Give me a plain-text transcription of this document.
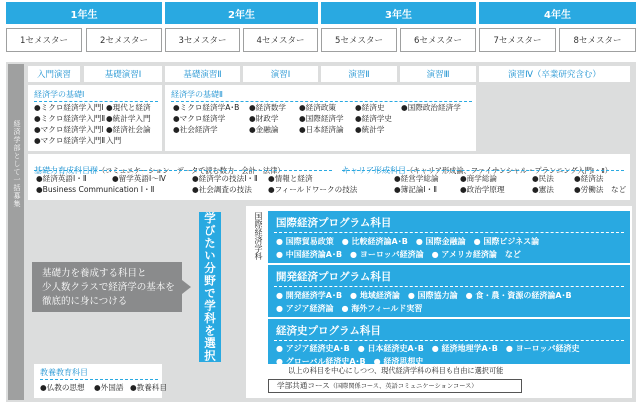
1年生	2年生	3年生	4年生
1セメスター	2セメスター	3セメスター	4セメスター	5セメスター	6セメスター	7セメスター	8セメスター
経済学部として一括募集
入門演習	基礎演習Ⅰ	基礎演習Ⅱ	演習Ⅰ	演習Ⅱ	演習Ⅲ	演習Ⅳ（卒業研究含む）
経済学の基礎Ⅰ
●ミクロ経済学入門Ⅰ
●ミクロ経済学入門Ⅱ
●マクロ経済学入門Ⅰ
●マクロ経済学入門Ⅱ
●現代と経済
●統計学入門
●経済社会論
入門
経済学の基礎Ⅱ
●ミクロ経済学A･B
●マクロ経済学
●社会経済学
●経済数学
●財政学
●金融論
●経済政策
●国際経済学
●日本経済論
●経済史
●経済学史
●統計学
●国際政治経済学
基礎力育成科目群（コミュニケーション　データで読む数力　会計・法律）
●経済英語Ⅰ・Ⅱ
●Business Communication Ⅰ・Ⅱ
●留学英語Ⅰ～Ⅳ	●経済学の技法Ⅰ・Ⅱ
●社会調査の技法
●情報と経済
●フィールドワークの技法
キャリア形成科目（キャリア形成論、ファイナンシャル・プランニング入門Ⅰ・Ⅱ）
●経営学総論
●簿記論Ⅰ・Ⅱ
●商学総論
●政治学原理
●民法
●憲法
●経済法
●労働法　など
基礎力を養成する科目と
少人数クラスで経済学の基本を
徹底的に身につける
教養教育科目
●仏教の思想 ●外国語 ●教養科目
学びたい分野で学科を選択	国際経済学科 国際経済プログラム科目
● 国際貿易政策　● 比較経済論A･B　● 国際金融論　● 国際ビジネス論
● 中国経済論A･B　● ヨーロッパ経済論　● アメリカ経済論　など
開発経済プログラム科目
● 開発経済学A･B　● 地域経済論　● 国際協力論　● 食・農・資源の経済論A･B
● アジア経済論　● 海外フィールド実習
経済史プログラム科目
● アジア経済史A･B　● 日本経済史A･B　● 経済地理学A･B　● ヨーロッパ経済史
● グローバル経済史A･B　● 経済思想史
以上の科目を中心にしつつ、現代経済学科の科目も自由に選択可能
学部共通コース（国際関係コース、英語コミュニケーションコース）
